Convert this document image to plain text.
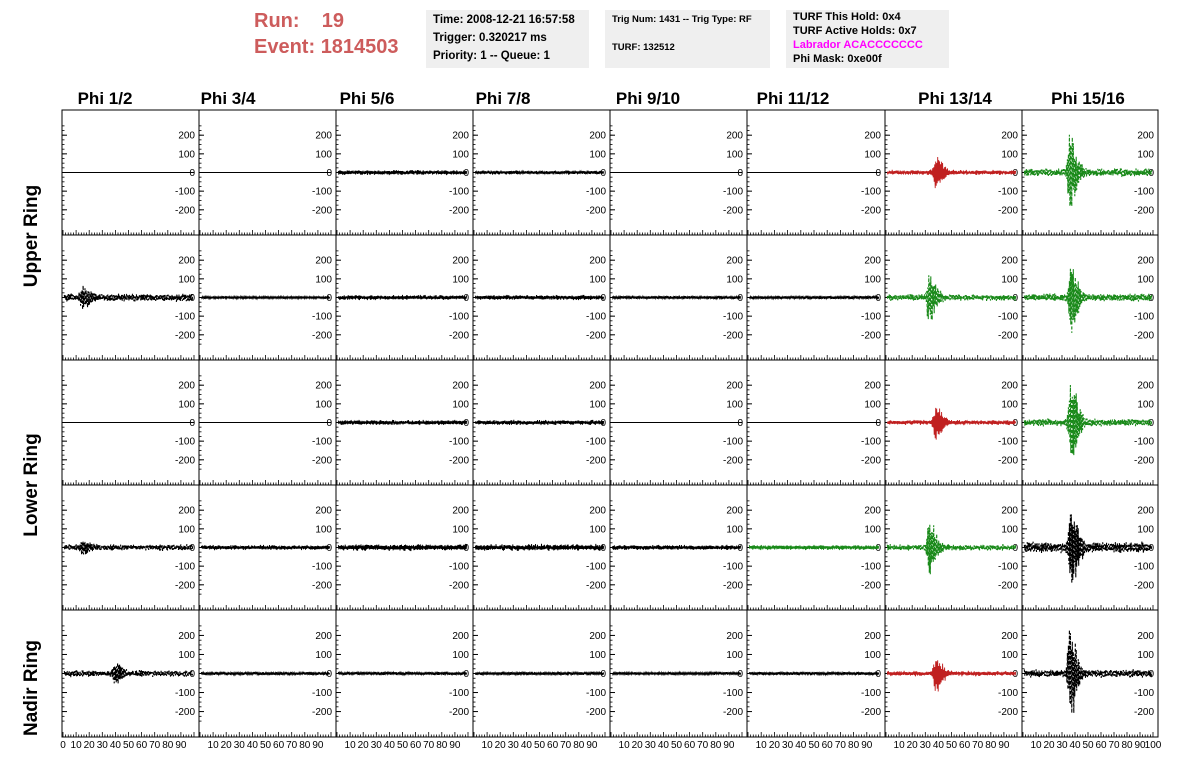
Run: 19
Event: 1814503
Time: 2008-12-21 16:57:58
Trigger: 0.320217 ms
Priority: 1 -- Queue: 1
Trig Num: 1431 -- Trig Type: RF
TURF: 132512
TURF This Hold: 0x4
TURF Active Holds: 0x7
Labrador ACACCCCCCC
Phi Mask: 0xe00f
Phi 1/2	Phi 3/4	Phi 5/6	Phi 7/8	Phi 9/10	Phi 11/12	Phi 13/14	Phi 15/16
Upper Ring
Lower Ring
Nadir Ring
200
100
0
-100
-200
200
100
0
-100
-200
200
100
0
-100
-200
200
100
0
-100
-200
200
100
0
-100
-200
200
100
0
-100
-200
200
100
0
-100
-200
200
100
0
-100
-200
200
100
0
-100
-200
200
100
0
-100
-200
200
100
0
-100
-200
200
100
0
-100
-200
200
100
0
-100
-200
200
100
0
-100
-200
200
100
0
-100
-200
200
100
0
-100
-200
200
100
0
-100
-200
200
100
0
-100
-200
200
100
0
-100
-200
200
100
0
-100
-200
200
100
0
-100
-200
200
100
0
-100
-200
200
100
0
-100
-200
200
100
0
-100
-200
200
100
0
-100
-200
200
100
0
-100
-200
200
100
0
-100
-200
200
100
0
-100
-200
200
100
0
-100
-200
200
100
0
-100
-200
200
100
0
-100
-200
200
100
0
-100
-200
200
100
0
-100
-200
200
100
0
-100
-200
200
100
0
-100
-200
200
100
0
-100
-200
200
100
0
-100
-200
200
100
0
-100
-200
200
100
0
-100
-200
200
100
0
-100
-200
0 10 20 30 40 50 60 70 80 90 10 20 30 40 50 60 70 80 90 10 20 30 40 50 60 70 80 90 10 20 30 40 50 60 70 80 90 10 20 30 40 50 60 70 80 90 10 20 30 40 50 60 70 80 90 10 20 30 40 50 60 70 80 90 10 20 30 40 50 60 70 80 90 100
